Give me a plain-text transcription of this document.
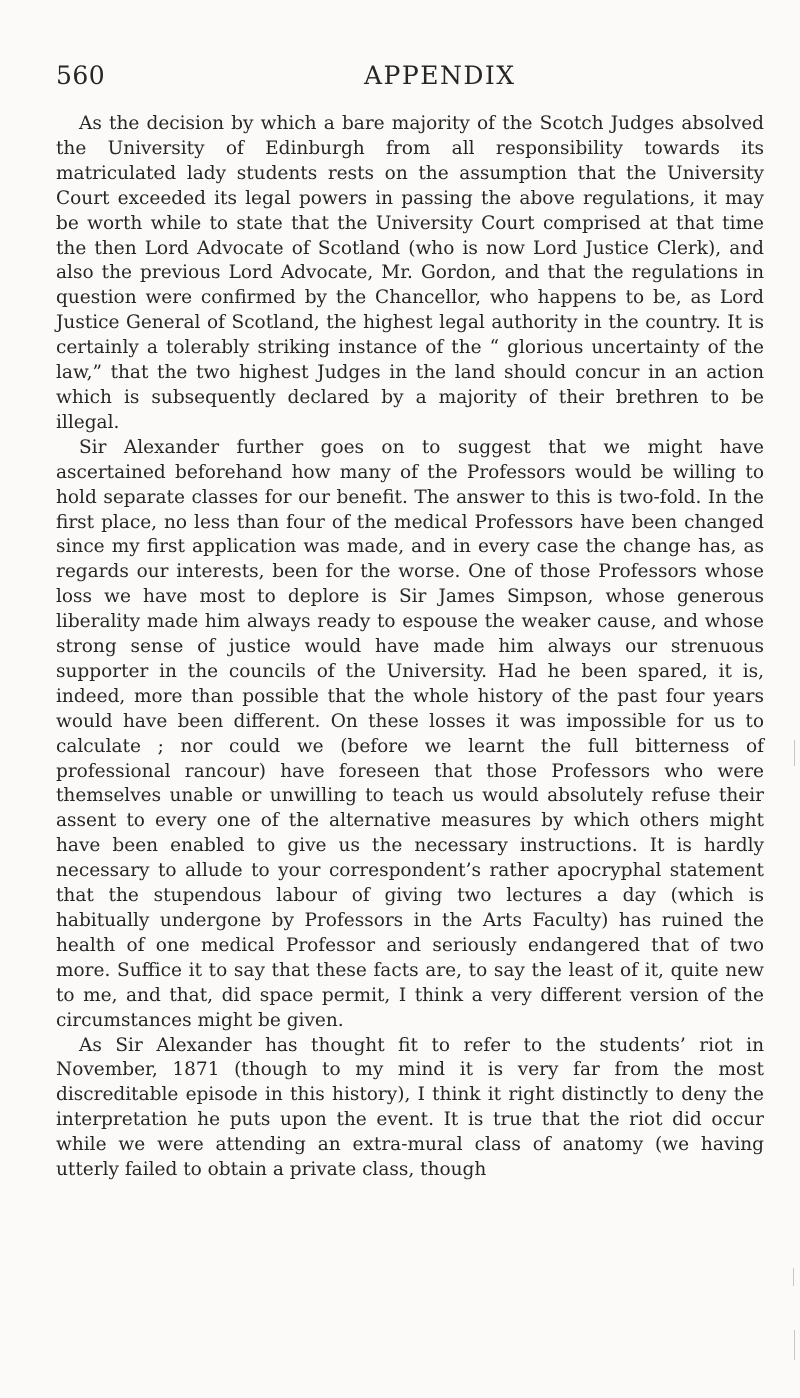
560	APPENDIX

As the decision by which a bare majority of the Scotch Judges absolved the University of Edinburgh from all responsibility towards its matriculated lady students rests on the assumption that the University Court exceeded its legal powers in passing the above regulations, it may be worth while to state that the University Court comprised at that time the then Lord Advocate of Scotland (who is now Lord Justice Clerk), and also the previous Lord Advocate, Mr. Gordon, and that the regulations in question were confirmed by the Chancellor, who happens to be, as Lord Justice General of Scotland, the highest legal authority in the country. It is certainly a tolerably striking instance of the “ glorious uncertainty of the law,” that the two highest Judges in the land should concur in an action which is subsequently declared by a majority of their brethren to be illegal.

Sir Alexander further goes on to suggest that we might have ascertained beforehand how many of the Professors would be willing to hold separate classes for our benefit. The answer to this is two-fold. In the first place, no less than four of the medical Professors have been changed since my first application was made, and in every case the change has, as regards our interests, been for the worse. One of those Professors whose loss we have most to deplore is Sir James Simpson, whose generous liberality made him always ready to espouse the weaker cause, and whose strong sense of justice would have made him always our strenuous supporter in the councils of the University. Had he been spared, it is, indeed, more than possible that the whole history of the past four years would have been different. On these losses it was impossible for us to calculate ; nor could we (before we learnt the full bitterness of professional rancour) have foreseen that those Professors who were themselves unable or unwilling to teach us would absolutely refuse their assent to every one of the alternative measures by which others might have been enabled to give us the necessary instructions. It is hardly necessary to allude to your correspondent’s rather apocryphal statement that the stupendous labour of giving two lectures a day (which is habitually undergone by Professors in the Arts Faculty) has ruined the health of one medical Professor and seriously endangered that of two more. Suffice it to say that these facts are, to say the least of it, quite new to me, and that, did space permit, I think a very different version of the circumstances might be given.

As Sir Alexander has thought fit to refer to the students’ riot in November, 1871 (though to my mind it is very far from the most discreditable episode in this history), I think it right distinctly to deny the interpretation he puts upon the event. It is true that the riot did occur while we were attending an extra-mural class of anatomy (we having utterly failed to obtain a private class, though
